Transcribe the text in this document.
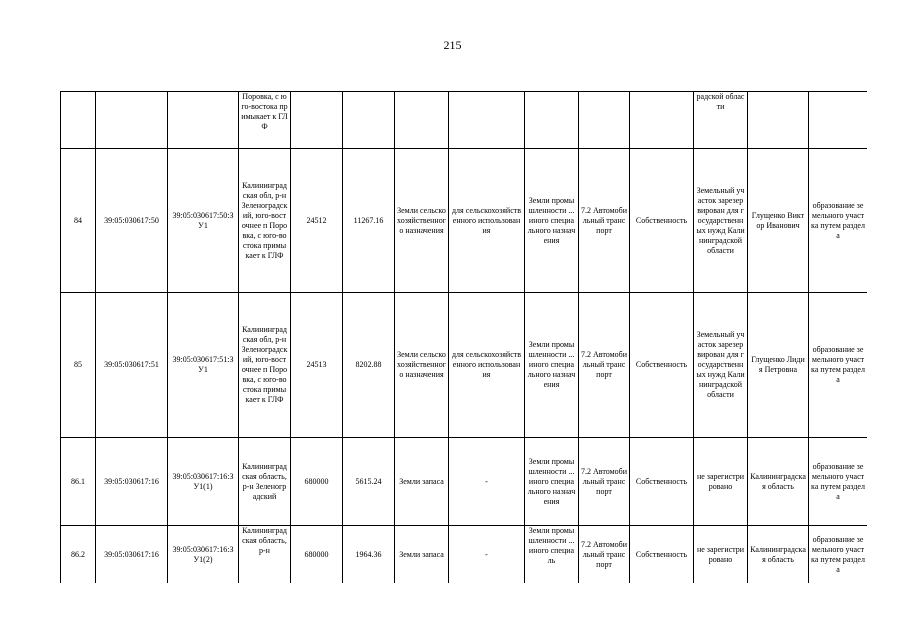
215
			Поровка, с юго-востока примыкает к ГЛФ								радской области		
84	39:05:030617:50	39:05:030617:50:ЗУ1	Калининградская обл, р-н Зеленоградский, юго-восточнее п Поровка, с юго-востока примыкает к ГЛФ	24512	11267.16	Земли сельскохозяйственного назначения	для сельскохозяйственного использования	Земли промышленности ...иного специального назначения	7.2 Автомобильный транспорт	Собственность	Земельный участок зарезервирован для государственных нужд Калининградской области	Глущенко Виктор Иванович	образование земельного участка путем раздела
85	39:05:030617:51	39:05:030617:51:ЗУ1	Калининградская обл, р-н Зеленоградский, юго-восточнее п Поровка, с юго-востока примыкает к ГЛФ	24513	8202.88	Земли сельскохозяйственного назначения	для сельскохозяйственного использования	Земли промышленности ...иного специального назначения	7.2 Автомобильный транспорт	Собственность	Земельный участок зарезервирован для государственных нужд Калининградской области	Глущенко Лидия Петровна	образование земельного участка путем раздела
86.1	39:05:030617:16	39:05:030617:16:ЗУ1(1)	Калининградская область, р-н Зеленоградский	680000	5615.24	Земли запаса	-	Земли промышленности ...иного специального назначения	7.2 Автомобильный транспорт	Собственность	не зарегистрировано	Калининградская область	образование земельного участка путем раздела
86.2	39:05:030617:16	39:05:030617:16:ЗУ1(2)	Калининградская область, р-н	680000	1964.36	Земли запаса	-	Земли промышленности ...иного специаль	7.2 Автомобильный транспорт	Собственность	не зарегистрировано	Калининградская область	образование земельного участка путем раздела
